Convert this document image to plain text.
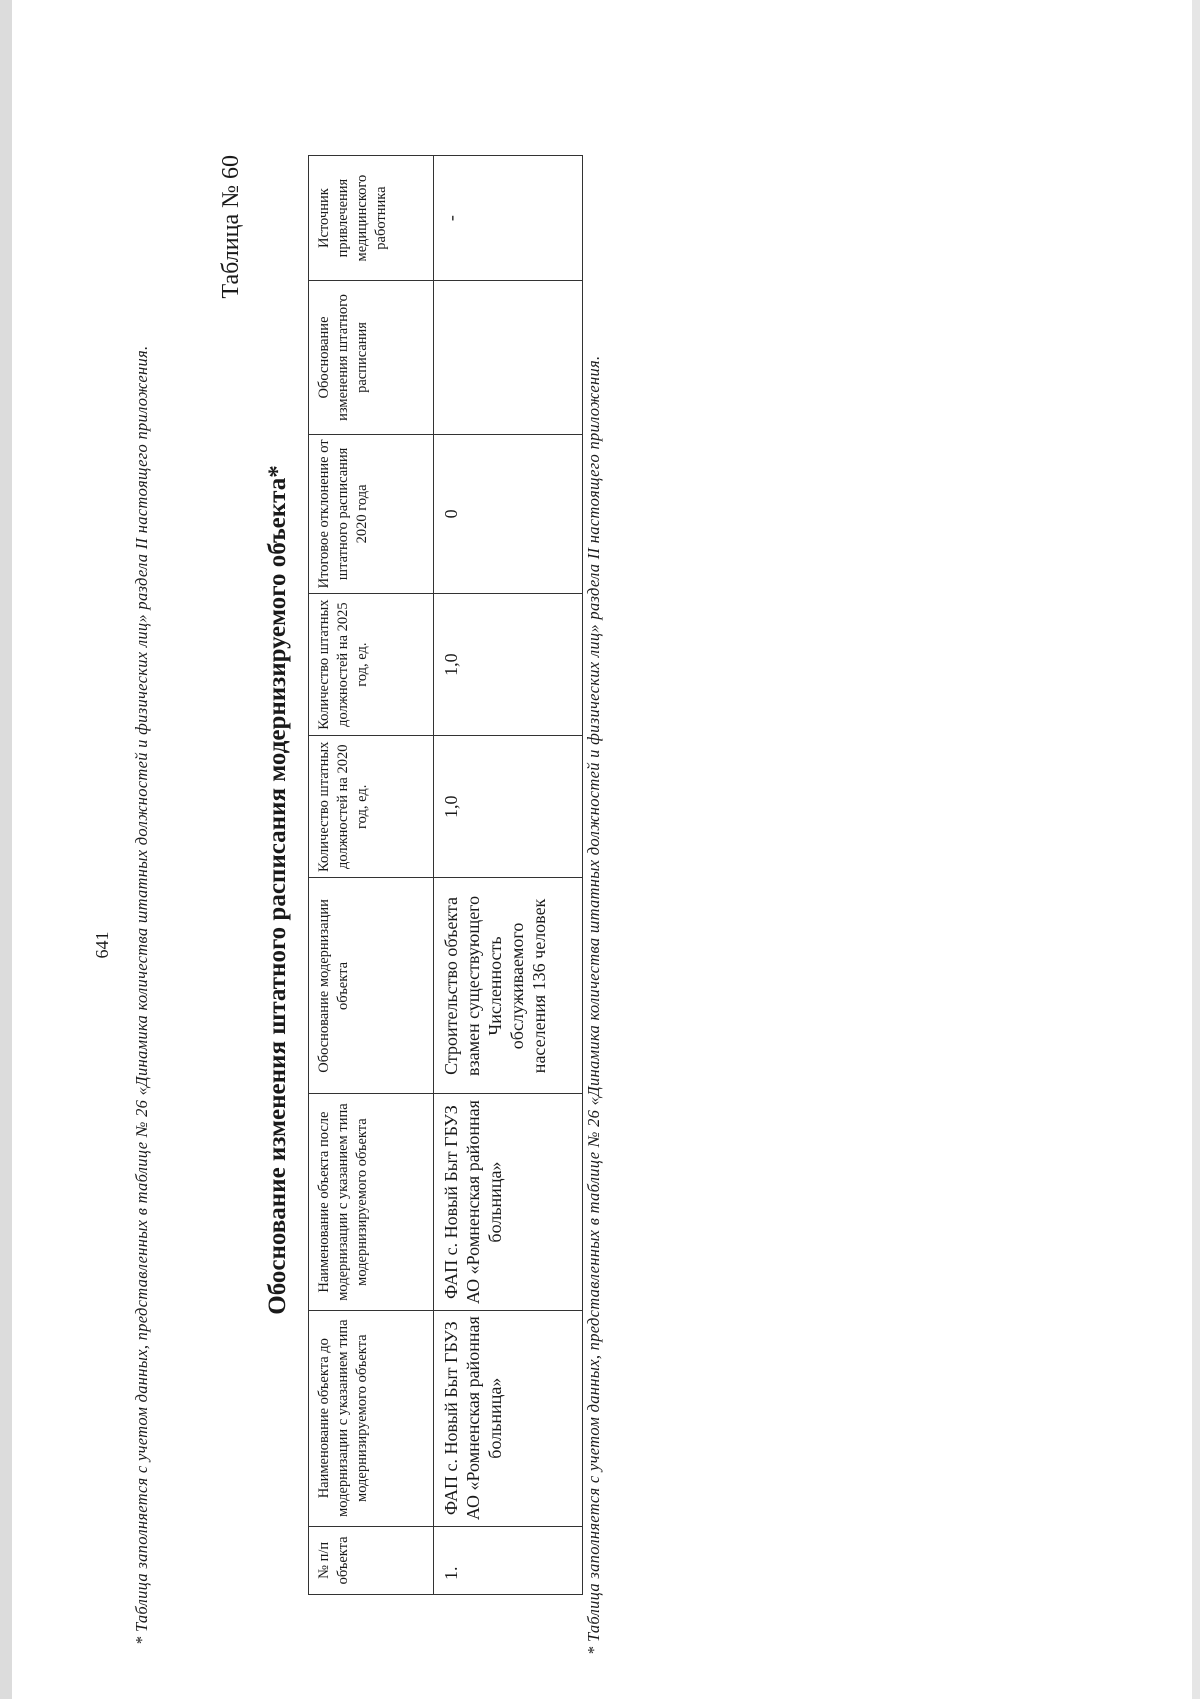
641 * Таблица заполняется с учетом данных, представленных в таблице № 26 «Динамика количества штатных должностей и физических лиц» раздела II настоящего приложения.
Таблица № 60
Обоснование изменения штатного расписания модернизируемого объекта*
№ п/п объекта	Наименование объекта до модернизации с указанием типа модернизируемого объекта	Наименование объекта после модернизации с указанием типа модернизируемого объекта	Обоснование модернизации объекта	Количество штатных должностей на 2020 год, ед.	Количество штатных должностей на 2025 год, ед.	Итоговое отклонение от штатного расписания 2020 года	Обоснование изменения штатного расписания	Источник привлечения медицинского работника
1.	ФАП с. Новый Быт ГБУЗ АО «Ромненская районная больница»	ФАП с. Новый Быт ГБУЗ АО «Ромненская районная больница»	Строительство объекта взамен существующего Численность обслуживаемого населения 136 человек	1,0	1,0	0		-
* Таблица заполняется с учетом данных, представленных в таблице № 26 «Динамика количества штатных должностей и физических лиц» раздела II настоящего приложения.
